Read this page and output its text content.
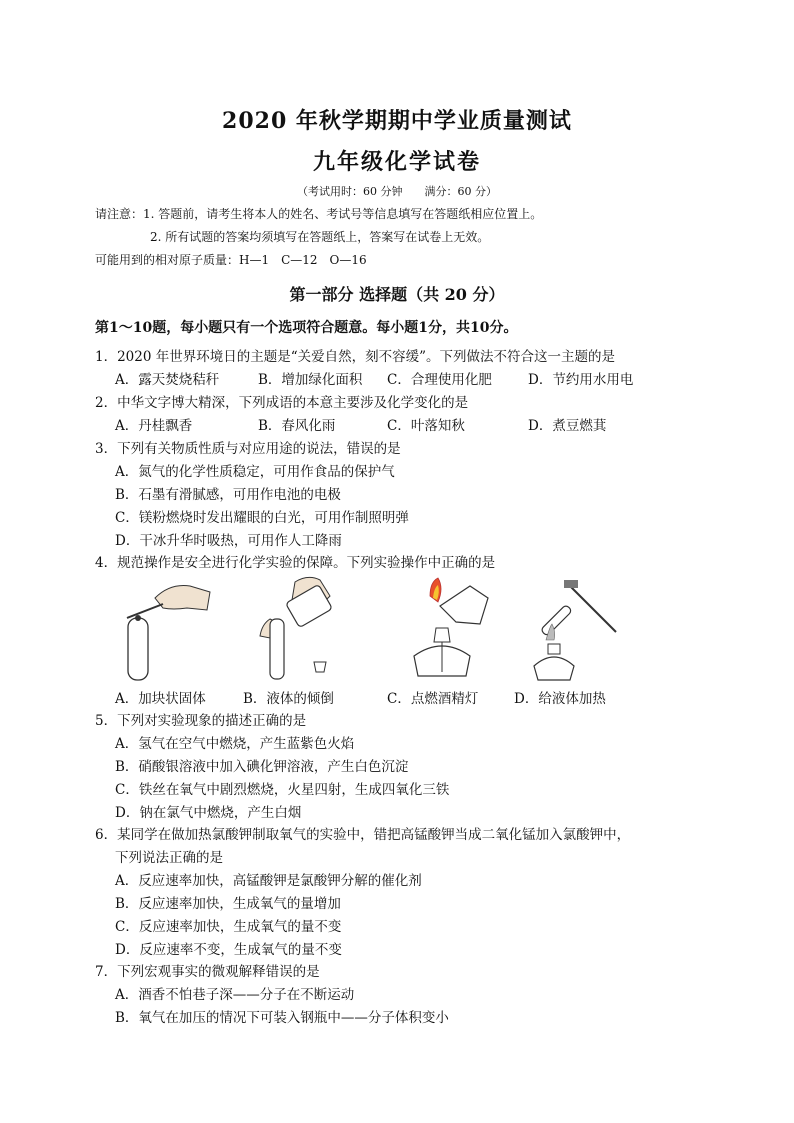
2020 年秋学期期中学业质量测试
九年级化学试卷
（考试用时：60 分钟　　满分：60 分）
请注意：1. 答题前，请考生将本人的姓名、考试号等信息填写在答题纸相应位置上。
2. 所有试题的答案均须填写在答题纸上，答案写在试卷上无效。
可能用到的相对原子质量：H—1　C—12　O—16
第一部分 选择题（共 20 分）
第1～10题，每小题只有一个选项符合题意。每小题1分，共10分。
1．2020 年世界环境日的主题是“关爱自然，刻不容缓”。下列做法不符合这一主题的是
A．露天焚烧秸秆	B．增加绿化面积 C．合理使用化肥	D．节约用水用电
2．中华文字博大精深，下列成语的本意主要涉及化学变化的是
A．丹桂飘香	B．春风化雨	C．叶落知秋	D．煮豆燃萁
3．下列有关物质性质与对应用途的说法，错误的是
A．氮气的化学性质稳定，可用作食品的保护气
B．石墨有滑腻感，可用作电池的电极
C．镁粉燃烧时发出耀眼的白光，可用作制照明弹
D．干冰升华时吸热，可用作人工降雨
4．规范操作是安全进行化学实验的保障。下列实验操作中正确的是
A．加块状固体	B．液体的倾倒	C．点燃酒精灯	D．给液体加热
5．下列对实验现象的描述正确的是
A．氢气在空气中燃烧，产生蓝紫色火焰
B．硝酸银溶液中加入碘化钾溶液，产生白色沉淀
C．铁丝在氧气中剧烈燃烧，火星四射，生成四氧化三铁
D．钠在氯气中燃烧，产生白烟
6．某同学在做加热氯酸钾制取氧气的实验中，错把高锰酸钾当成二氧化锰加入氯酸钾中，
下列说法正确的是
A．反应速率加快，高锰酸钾是氯酸钾分解的催化剂
B．反应速率加快，生成氧气的量增加
C．反应速率加快，生成氧气的量不变
D．反应速率不变，生成氧气的量不变
7．下列宏观事实的微观解释错误的是
A．酒香不怕巷子深——分子在不断运动
B．氧气在加压的情况下可装入钢瓶中——分子体积变小
